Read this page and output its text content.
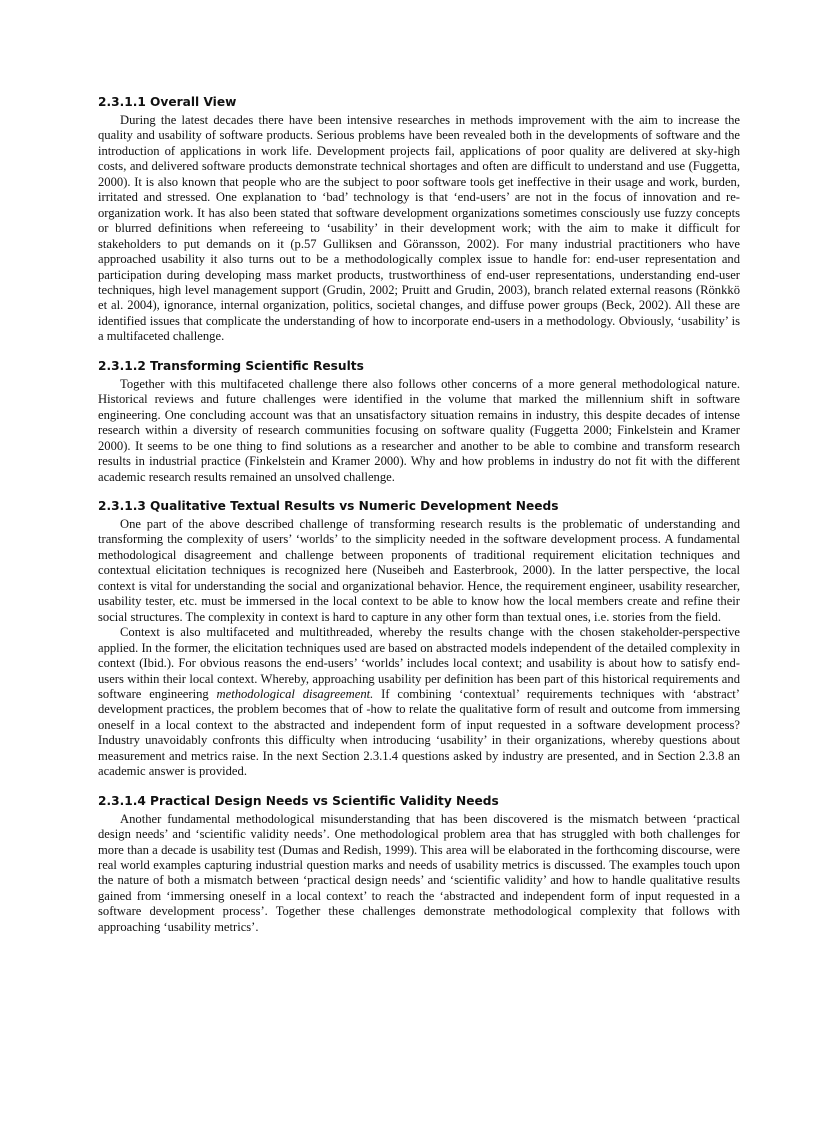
2.3.1.1 Overall View

During the latest decades there have been intensive researches in methods improvement with the aim to increase the quality and usability of software products. Serious problems have been revealed both in the developments of software and the introduction of applications in work life. Development projects fail, applications of poor quality are delivered at sky-high costs, and delivered software products demonstrate technical shortages and often are difficult to understand and use (Fuggetta, 2000). It is also known that people who are the subject to poor software tools get ineffective in their usage and work, burden, irritated and stressed. One explanation to ‘bad’ technology is that ‘end-users’ are not in the focus of innovation and re-organization work. It has also been stated that software development organizations sometimes consciously use fuzzy concepts or blurred definitions when refereeing to ‘usability’ in their development work; with the aim to make it difficult for stakeholders to put demands on it (p.57 Gulliksen and Göransson, 2002). For many industrial practitioners who have approached usability it also turns out to be a methodologically complex issue to handle for: end-user representation and participation during developing mass market products, trustworthiness of end-user representations, understanding end-user techniques, high level management support (Grudin, 2002; Pruitt and Grudin, 2003), branch related external reasons (Rönkkö et al. 2004), ignorance, internal organization, politics, societal changes, and diffuse power groups (Beck, 2002). All these are identified issues that complicate the understanding of how to incorporate end-users in a methodology. Obviously, ‘usability’ is a multifaceted challenge.

2.3.1.2 Transforming Scientific Results

Together with this multifaceted challenge there also follows other concerns of a more general methodological nature. Historical reviews and future challenges were identified in the volume that marked the millennium shift in software engineering. One concluding account was that an unsatisfactory situation remains in industry, this despite decades of intense research within a diversity of research communities focusing on software quality (Fuggetta 2000; Finkelstein and Kramer 2000). It seems to be one thing to find solutions as a researcher and another to be able to combine and transform research results in industrial practice (Finkelstein and Kramer 2000). Why and how problems in industry do not fit with the different academic research results remained an unsolved challenge.

2.3.1.3 Qualitative Textual Results vs Numeric Development Needs

One part of the above described challenge of transforming research results is the problematic of understanding and transforming the complexity of users’ ‘worlds’ to the simplicity needed in the software development process. A fundamental methodological disagreement and challenge between proponents of traditional requirement elicitation techniques and contextual elicitation techniques is recognized here (Nuseibeh and Easterbrook, 2000). In the latter perspective, the local context is vital for understanding the social and organizational behavior. Hence, the requirement engineer, usability researcher, usability tester, etc. must be immersed in the local context to be able to know how the local members create and refine their social structures. The complexity in context is hard to capture in any other form than textual ones, i.e. stories from the field.

Context is also multifaceted and multithreaded, whereby the results change with the chosen stakeholder-perspective applied. In the former, the elicitation techniques used are based on abstracted models independent of the detailed complexity in context (Ibid.). For obvious reasons the end-users’ ‘worlds’ includes local context; and usability is about how to satisfy end-users within their local context. Whereby, approaching usability per definition has been part of this historical requirements and software engineering methodological disagreement. If combining ‘contextual’ requirements techniques with ‘abstract’ development practices, the problem becomes that of -how to relate the qualitative form of result and outcome from immersing oneself in a local context to the abstracted and independent form of input requested in a software development process? Industry unavoidably confronts this difficulty when introducing ‘usability’ in their organizations, whereby questions about measurement and metrics raise. In the next Section 2.3.1.4 questions asked by industry are presented, and in Section 2.3.8 an academic answer is provided.

2.3.1.4 Practical Design Needs vs Scientific Validity Needs

Another fundamental methodological misunderstanding that has been discovered is the mismatch between ‘practical design needs’ and ‘scientific validity needs’. One methodological problem area that has struggled with both challenges for more than a decade is usability test (Dumas and Redish, 1999). This area will be elaborated in the forthcoming discourse, were real world examples capturing industrial question marks and needs of usability metrics is discussed. The examples touch upon the nature of both a mismatch between ‘practical design needs’ and ‘scientific validity’ and how to handle qualitative results gained from ‘immersing oneself in a local context’ to reach the ‘abstracted and independent form of input requested in a software development process’. Together these challenges demonstrate methodological complexity that follows with approaching ‘usability metrics’.
